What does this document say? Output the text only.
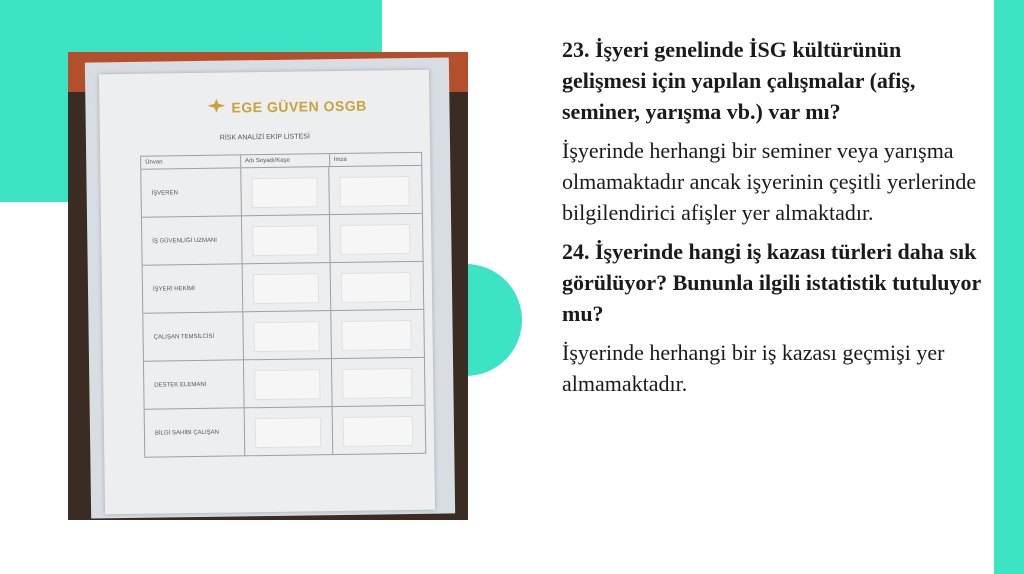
EGE GÜVEN OSGB
RİSK ANALİZİ EKİP LİSTESİ
Ünvan	Adı Soyadı/Kaşe	İmza
İŞVEREN
İŞ GÜVENLİĞİ UZMANI
İŞYERİ HEKİMİ
ÇALIŞAN TEMSİLCİSİ
DESTEK ELEMANI
BİLGİ SAHİBİ ÇALIŞAN

23. İşyeri genelinde İSG kültürünün gelişmesi için yapılan çalışmalar (afiş, seminer, yarışma vb.) var mı?

İşyerinde herhangi bir seminer veya yarışma olmamaktadır ancak işyerinin çeşitli yerlerinde bilgilendirici afişler yer almaktadır.

24. İşyerinde hangi iş kazası türleri daha sık görülüyor? Bununla ilgili istatistik tutuluyor mu?

İşyerinde herhangi bir iş kazası geçmişi yer almamaktadır.
